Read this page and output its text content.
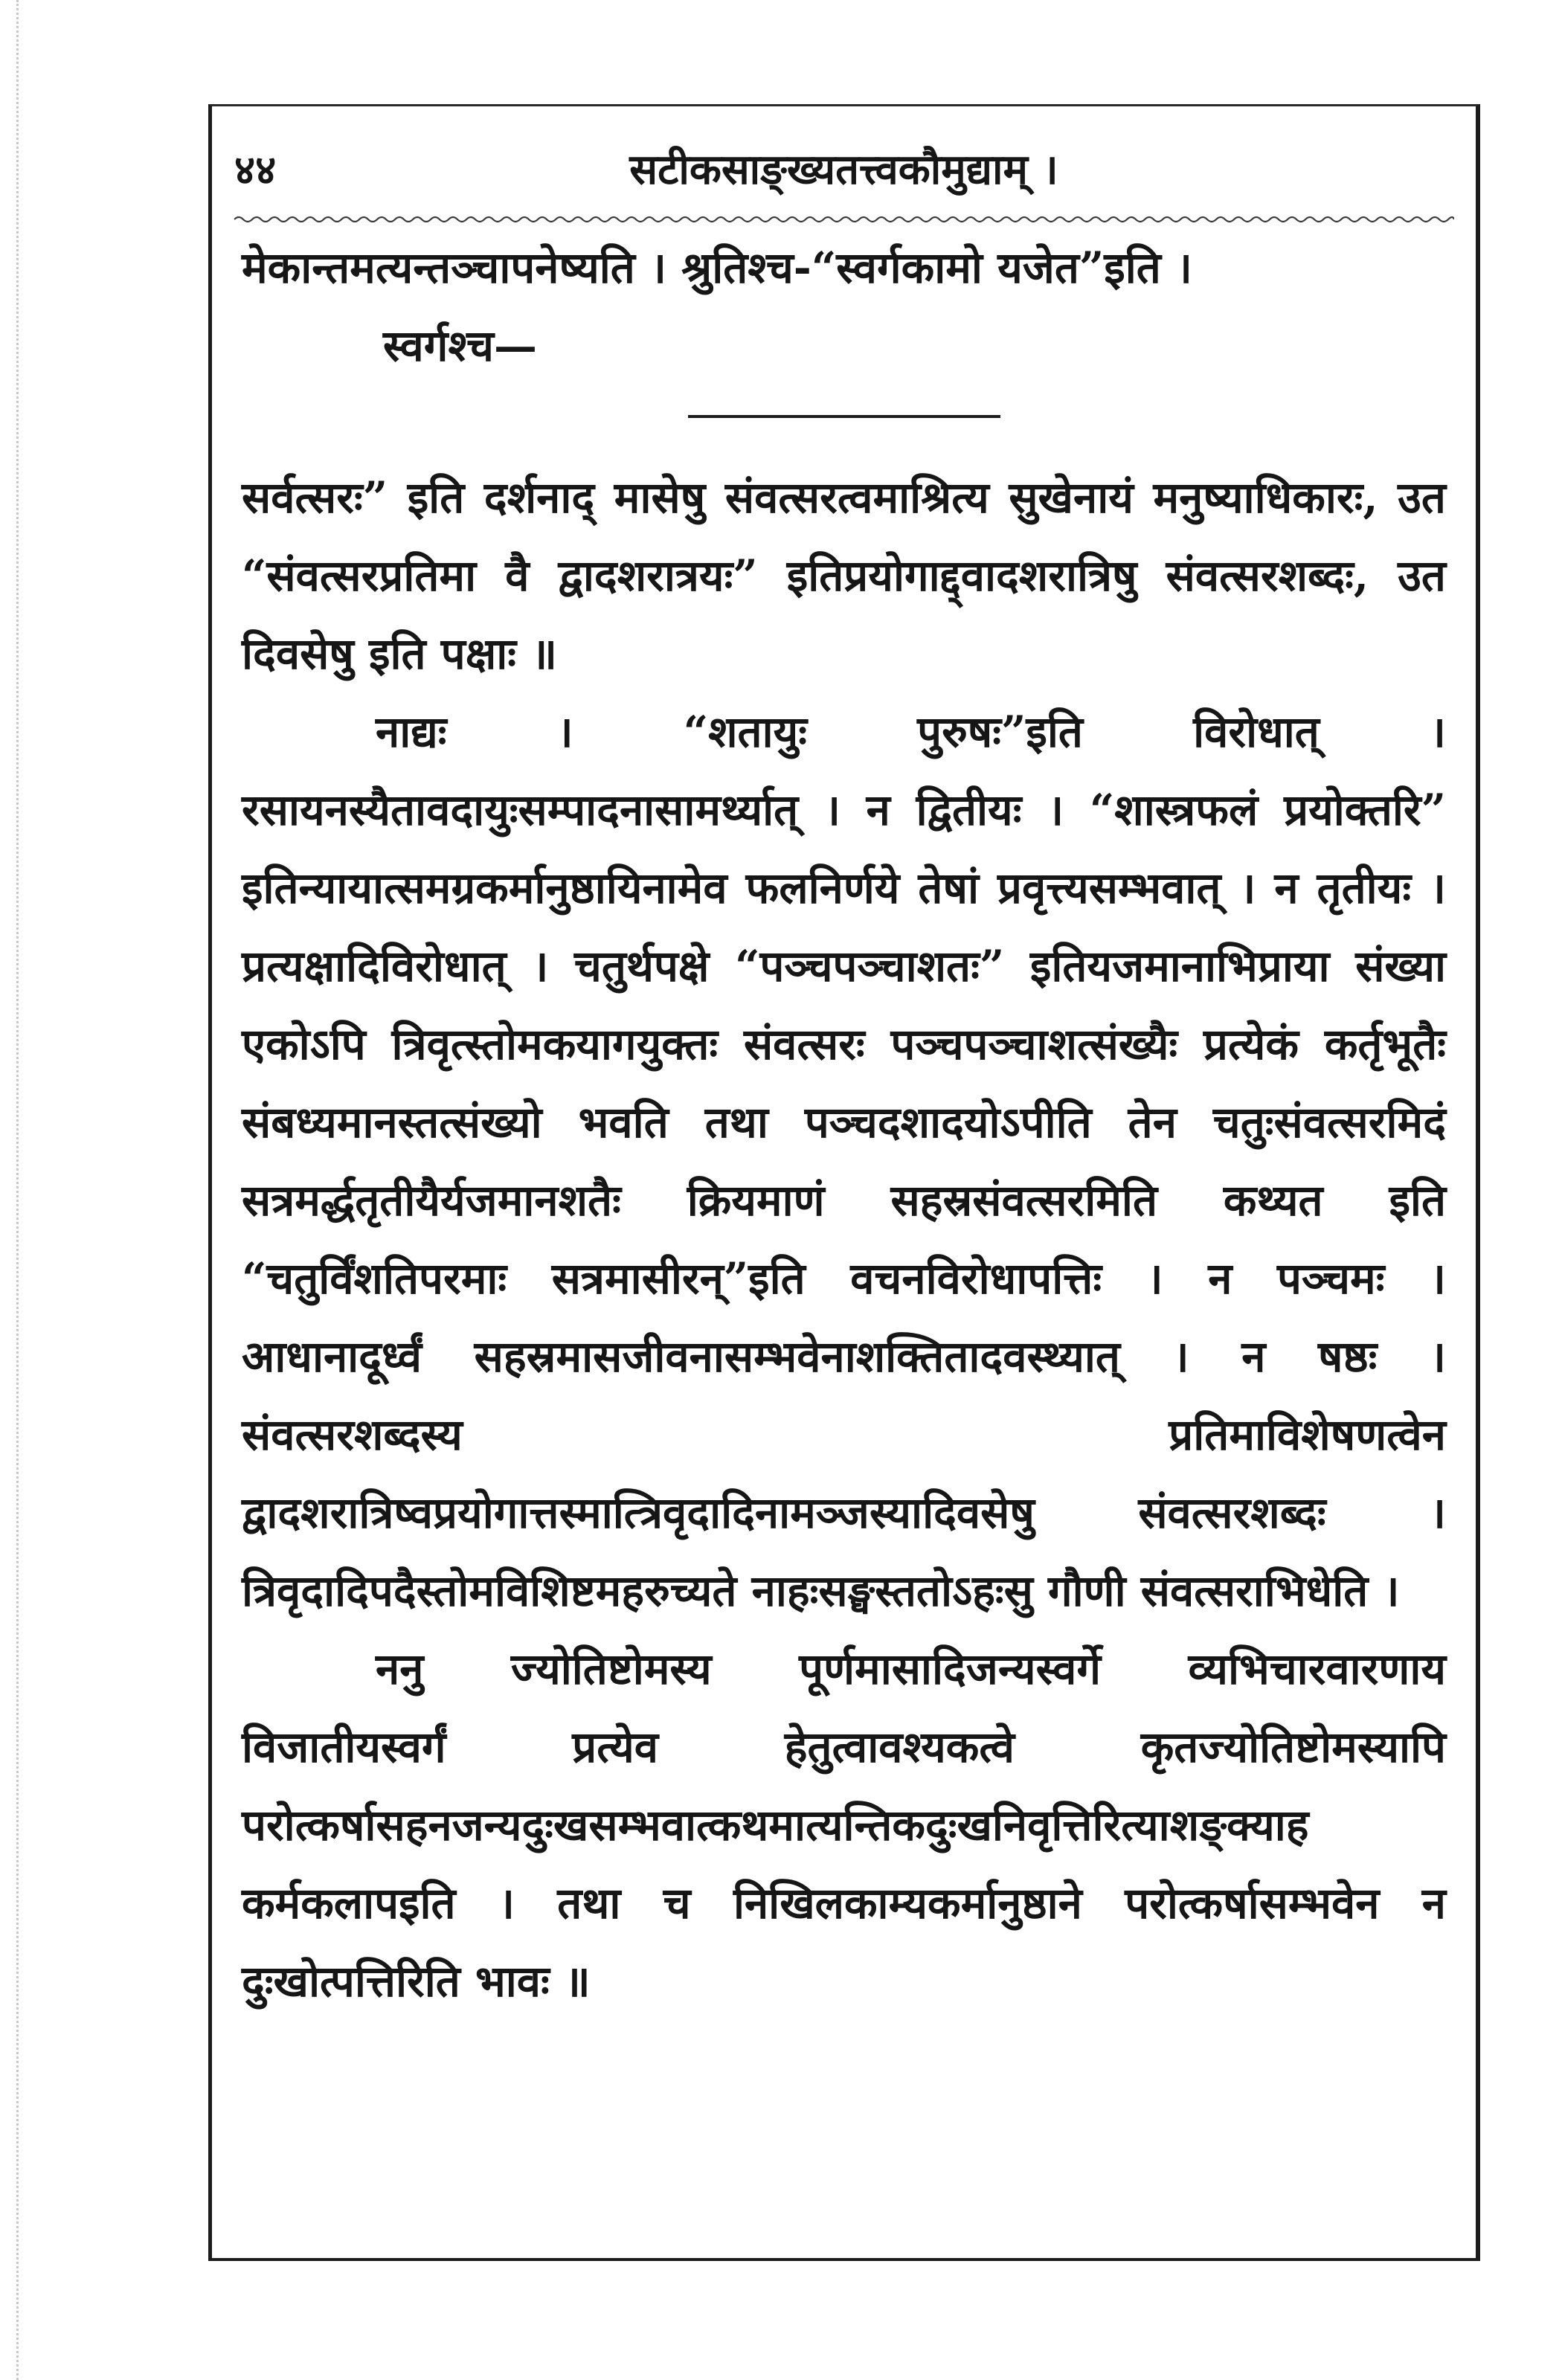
४४	सटीकसाङ्ख्यतत्त्वकौमुद्याम् ।

मेकान्तमत्यन्तञ्चापनेष्यति । श्रुतिश्च-“स्वर्गकामो यजेत”इति ।

स्वर्गश्च—

सर्वत्सरः” इति दर्शनाद् मासेषु संवत्सरत्वमाश्रित्य सुखेनायं मनुष्याधिकारः, उत “संवत्सरप्रतिमा वै द्वादशरात्रयः” इतिप्रयोगाद्द्वादशरात्रिषु संवत्सरशब्दः, उत दिवसेषु इति पक्षाः ॥

नाद्यः । “शतायुः पुरुषः”इति विरोधात् । रसायनस्यैतावदायुःसम्पादनासामर्थ्यात् । न द्वितीयः । “शास्त्रफलं प्रयोक्तरि” इतिन्यायात्समग्रकर्मानुष्ठायिनामेव फलनिर्णये तेषां प्रवृत्त्यसम्भवात् । न तृतीयः । प्रत्यक्षादिविरोधात् । चतुर्थपक्षे “पञ्चपञ्चाशतः” इतियजमानाभिप्राया संख्या एकोऽपि त्रिवृत्स्तोमकयागयुक्तः संवत्सरः पञ्चपञ्चाशत्संख्यैः प्रत्येकं कर्तृभूतैः संबध्यमानस्तत्संख्यो भवति तथा पञ्चदशादयोऽपीति तेन चतुःसंवत्सरमिदं सत्रमर्द्धतृतीयैर्यजमानशतैः क्रियमाणं सहस्रसंवत्सरमिति कथ्यत इति “चतुर्विंशतिपरमाः सत्रमासीरन्”इति वचनविरोधापत्तिः । न पञ्चमः । आधानादूर्ध्वं सहस्रमासजीवनासम्भवेनाशक्तितादवस्थ्यात् । न षष्ठः । संवत्सरशब्दस्य प्रतिमाविशेषणत्वेन द्वादशरात्रिष्वप्रयोगात्तस्मात्त्रिवृदादिनामञ्जस्यादिवसेषु संवत्सरशब्दः । त्रिवृदादिपदैस्तोमविशिष्टमहरुच्यते नाहःसङ्घस्ततोऽहःसु गौणी संवत्सराभिधेति ।

ननु ज्योतिष्टोमस्य पूर्णमासादिजन्यस्वर्गे व्यभिचारवारणाय विजातीयस्वर्गं प्रत्येव हेतुत्वावश्यकत्वे कृतज्योतिष्टोमस्यापि परोत्कर्षासहनजन्यदुःखसम्भवात्कथमात्यन्तिकदुःखनिवृत्तिरित्याशङ्क्याह कर्मकलापइति । तथा च निखिलकाम्यकर्मानुष्ठाने परोत्कर्षासम्भवेन न दुःखोत्पत्तिरिति भावः ॥
